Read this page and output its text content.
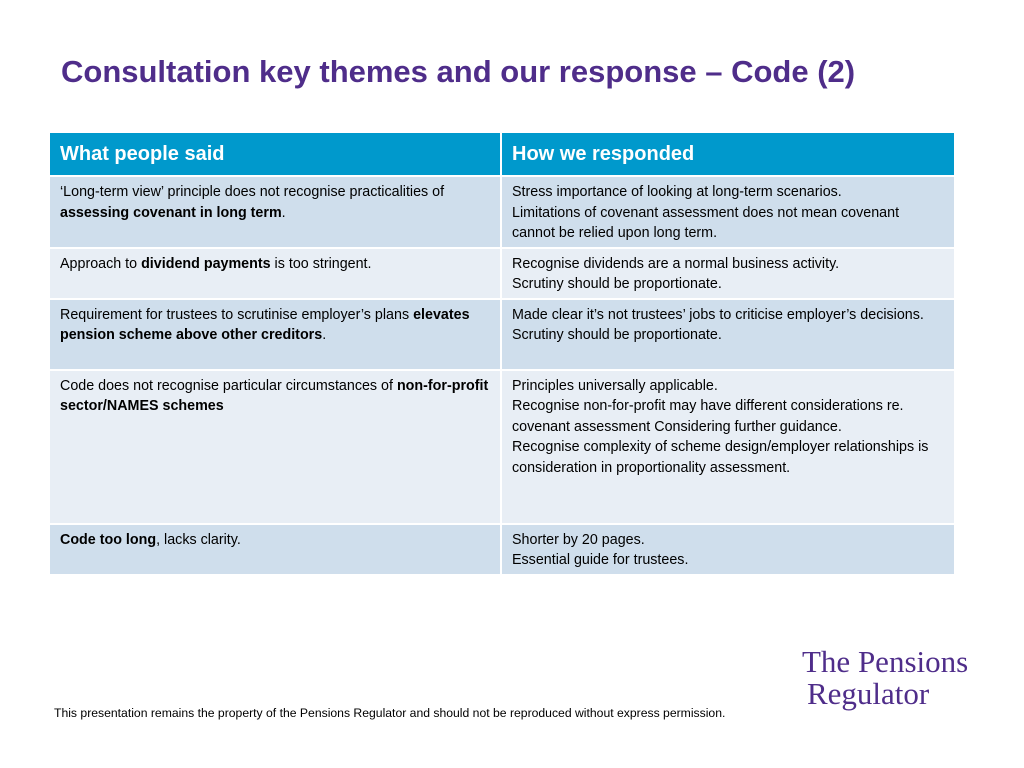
Consultation key themes and our response – Code (2)
What people said	How we responded
‘Long-term view’ principle does not recognise practicalities of assessing covenant in long term.	Stress importance of looking at long-term scenarios.
Limitations of covenant assessment does not mean covenant cannot be relied upon long term.

Approach to dividend payments is too stringent.	Recognise dividends are a normal business activity.
Scrutiny should be proportionate.

Requirement for trustees to scrutinise employer’s plans elevates pension scheme above other creditors.	Made clear it’s not trustees’ jobs to criticise employer’s decisions. Scrutiny should be proportionate.

Code does not recognise particular circumstances of non-for-profit sector/NAMES schemes	Principles universally applicable.
Recognise non-for-profit may have different considerations re. covenant assessment Considering further guidance.
Recognise complexity of scheme design/employer relationships is consideration in proportionality assessment.

Code too long, lacks clarity.	Shorter by 20 pages.
Essential guide for trustees.

This presentation remains the property of the Pensions Regulator and should not be reproduced without express permission.

The Pensions
Regulator
